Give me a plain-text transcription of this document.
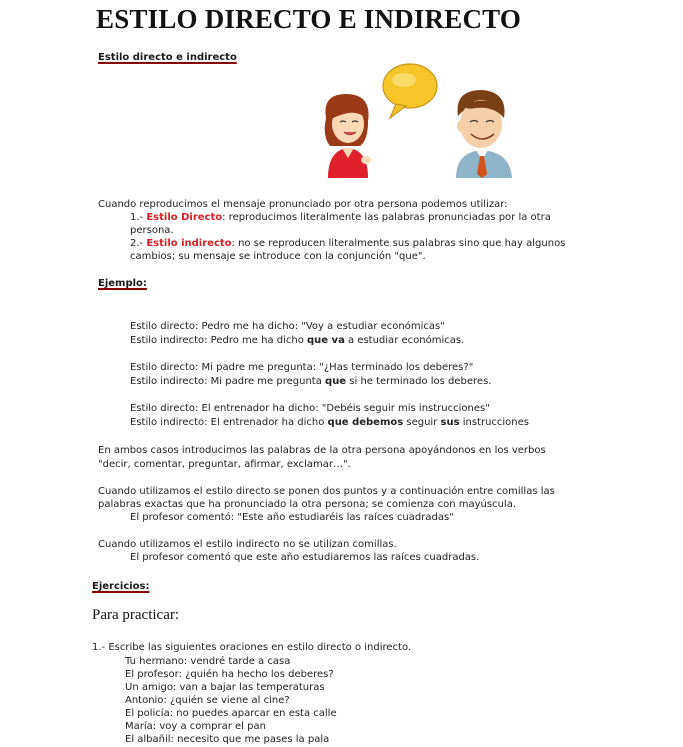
ESTILO DIRECTO E INDIRECTO
Estilo directo e indirecto
Cuando reproducimos el mensaje pronunciado por otra persona podemos utilizar:
1.- Estilo Directo: reproducimos literalmente las palabras pronunciadas por la otra
persona.
2.- Estilo indirecto: no se reproducen literalmente sus palabras sino que hay algunos
cambios; su mensaje se introduce con la conjunción "que".
Ejemplo:
Estilo directo: Pedro me ha dicho: "Voy a estudiar económicas"
Estilo indirecto: Pedro me ha dicho que va a estudiar económicas.
Estilo directo: Mi padre me pregunta: "¿Has terminado los deberes?"
Estilo indirecto: Mi padre me pregunta que si he terminado los deberes.
Estilo directo: El entrenador ha dicho: "Debéis seguir mis instrucciones"
Estilo indirecto: El entrenador ha dicho que debemos seguir sus instrucciones
En ambos casos introducimos las palabras de la otra persona apoyándonos en los verbos
"decir, comentar, preguntar, afirmar, exclamar…".
Cuando utilizamos el estilo directo se ponen dos puntos y a continuación entre comillas las
palabras exactas que ha pronunciado la otra persona; se comienza con mayúscula.
El profesor comentó: "Este año estudiaréis las raíces cuadradas"
Cuando utilizamos el estilo indirecto no se utilizan comillas.
El profesor comentó que este año estudiaremos las raíces cuadradas.
Ejercicios:
Para practicar:
1.- Escribe las siguientes oraciones en estilo directo o indirecto.
Tu hermano: vendré tarde a casa
El profesor: ¿quién ha hecho los deberes?
Un amigo: van a bajar las temperaturas
Antonio: ¿quién se viene al cine?
El policía: no puedes aparcar en esta calle
María: voy a comprar el pan
El albañil: necesito que me pases la pala
